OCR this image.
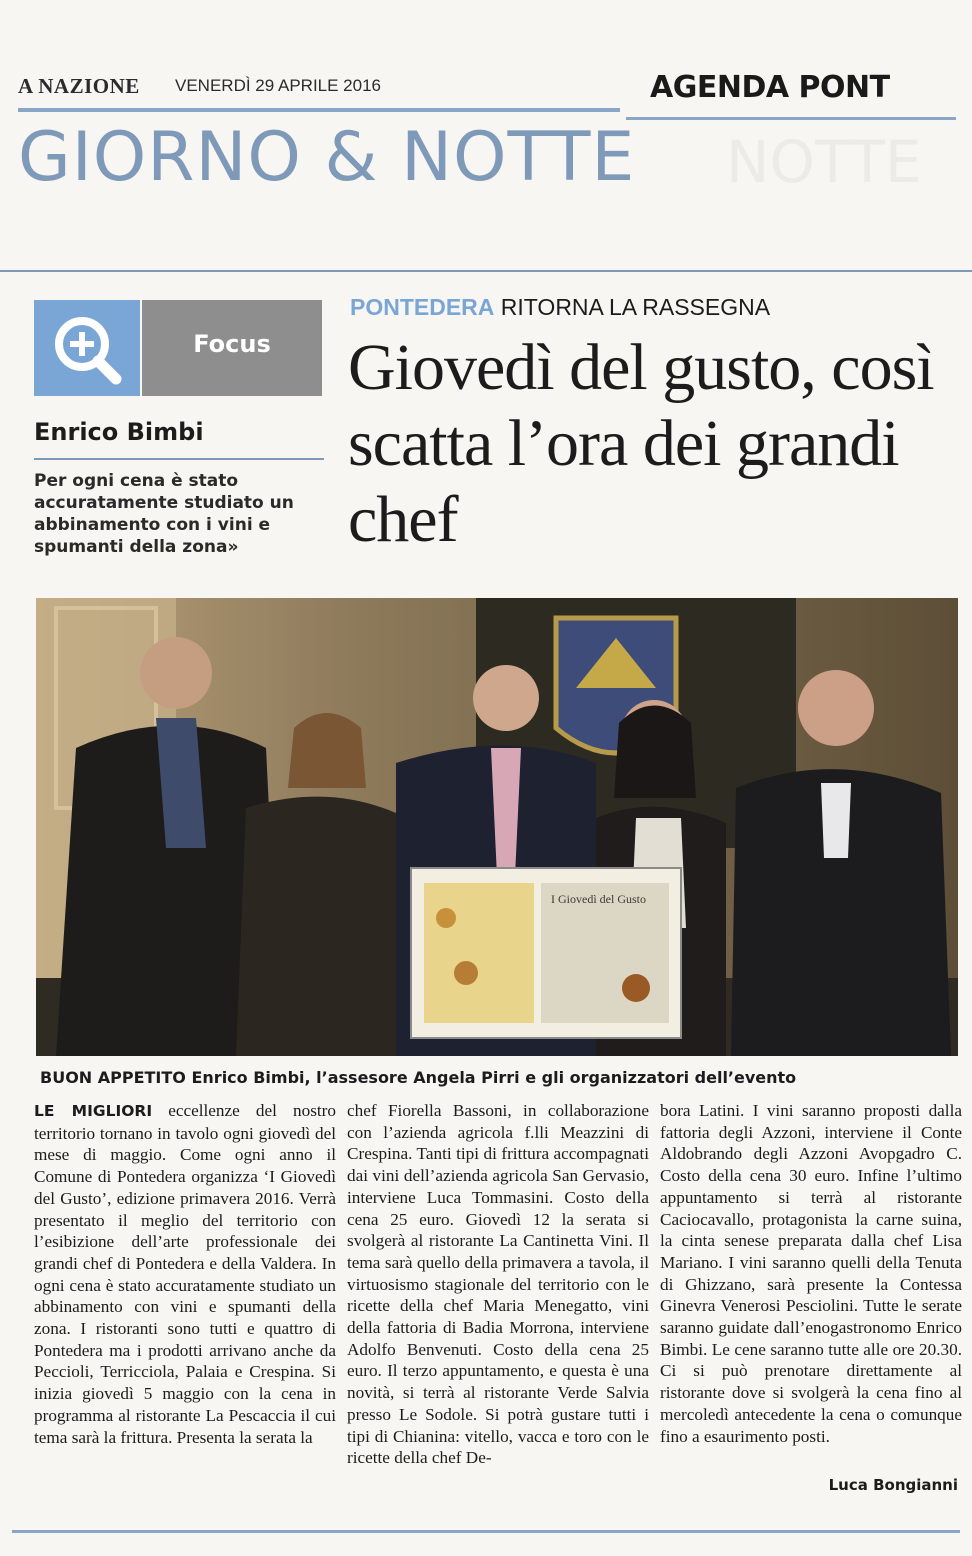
A NAZIONE VENERDÌ 29 APRILE 2016	AGENDA PONT
GIORNO & NOTTE NOTTE
Focus
Enrico Bimbi
Per ogni cena è stato accuratamente studiato un abbinamento con i vini e spumanti della zona»
PONTEDERA RITORNA LA RASSEGNA
Giovedì del gusto, così scatta l’ora dei grandi chef
I Giovedì del Gusto
BUON APPETITO Enrico Bimbi, l’assesore Angela Pirri e gli organizzatori dell’evento
LE MIGLIORI eccellenze del nostro territorio tornano in tavolo ogni giovedì del mese di maggio. Come ogni anno il Comune di Pontedera organizza ‘I Giovedì del Gusto’, edizione primavera 2016. Verrà presentato il meglio del territorio con l’esibizione dell’arte professionale dei grandi chef di Pontedera e della Valdera. In ogni cena è stato accuratamente studiato un abbinamento con vini e spumanti della zona. I ristoranti sono tutti e quattro di Pontedera ma i prodotti arrivano anche da Peccioli, Terricciola, Palaia e Crespina. Si inizia giovedì 5 maggio con la cena in programma al ristorante La Pescaccia il cui tema sarà la frittura. Presenta la serata la
chef Fiorella Bassoni, in collaborazione con l’azienda agricola f.lli Meazzini di Crespina. Tanti tipi di frittura accompagnati dai vini dell’azienda agricola San Gervasio, interviene Luca Tommasini. Costo della cena 25 euro. Giovedì 12 la serata si svolgerà al ristorante La Cantinetta Vini. Il tema sarà quello della primavera a tavola, il virtuosismo stagionale del territorio con le ricette della chef Maria Menegatto, vini della fattoria di Badia Morrona, interviene Adolfo Benvenuti. Costo della cena 25 euro. Il terzo appuntamento, e questa è una novità, si terrà al ristorante Verde Salvia presso Le Sodole. Si potrà gustare tutti i tipi di Chianina: vitello, vacca e toro con le ricette della chef De-
bora Latini. I vini saranno proposti dalla fattoria degli Azzoni, interviene il Conte Aldobrando degli Azzoni Avopgadro C. Costo della cena 30 euro. Infine l’ultimo appuntamento si terrà al ristorante Caciocavallo, protagonista la carne suina, la cinta senese preparata dalla chef Lisa Mariano. I vini saranno quelli della Tenuta di Ghizzano, sarà presente la Contessa Ginevra Venerosi Pesciolini. Tutte le serate saranno guidate dall’enogastronomo Enrico Bimbi. Le cene saranno tutte alle ore 20.30. Ci si può prenotare direttamente al ristorante dove si svolgerà la cena fino al mercoledì antecedente la cena o comunque fino a esaurimento posti.
Luca Bongianni
